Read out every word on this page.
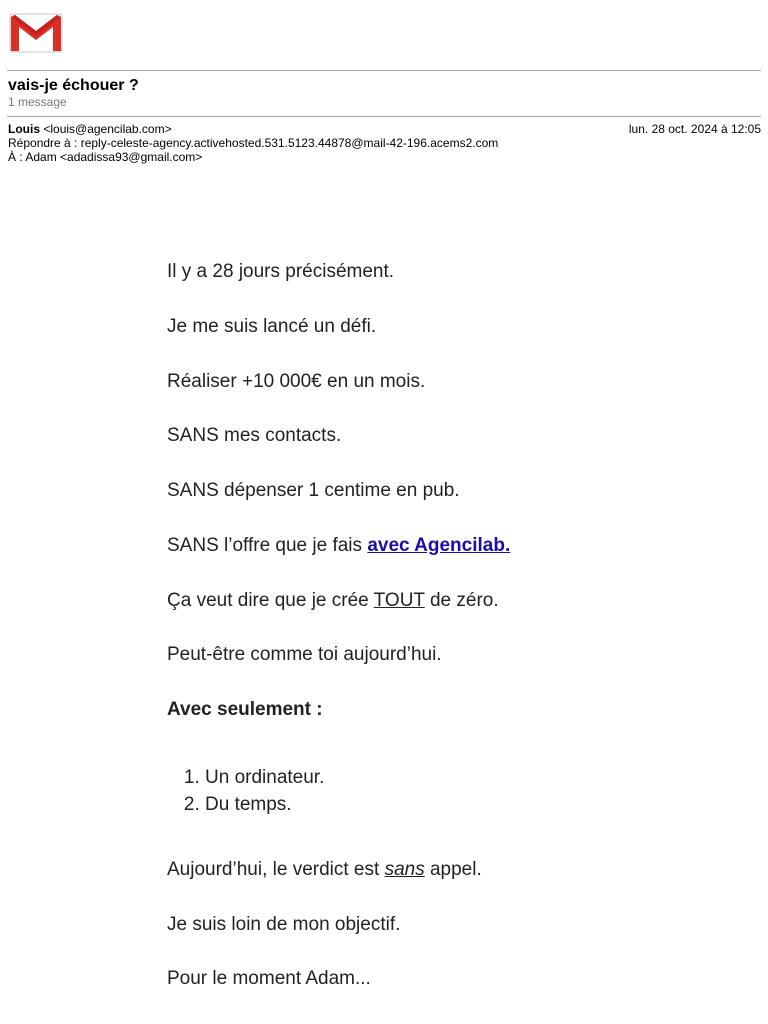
vais-je échouer ?
1 message
Louis <louis@agencilab.com>
Répondre à : reply-celeste-agency.activehosted.531.5123.44878@mail-42-196.acems2.com
À : Adam <adadissa93@gmail.com>
lun. 28 oct. 2024 à 12:05

Il y a 28 jours précisément.

Je me suis lancé un défi.

Réaliser +10 000€ en un mois.

SANS mes contacts.

SANS dépenser 1 centime en pub.

SANS l’offre que je fais avec Agencilab.

Ça veut dire que je crée TOUT de zéro.

Peut-être comme toi aujourd’hui.

Avec seulement :

1. Un ordinateur.
2. Du temps.

Aujourd’hui, le verdict est sans appel.

Je suis loin de mon objectif.

Pour le moment Adam...
